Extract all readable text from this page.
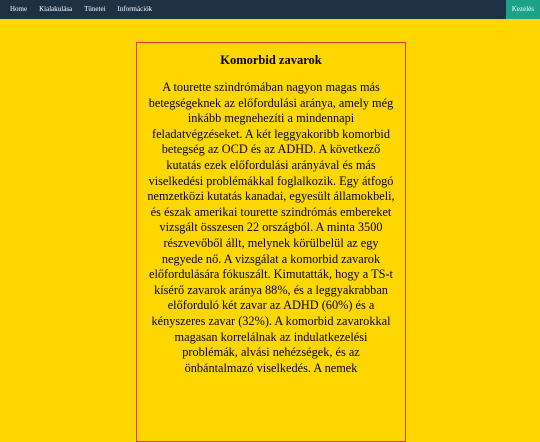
Home	Kialakulása	Tünetei	Információk	Kezelés
Komorbid zavarok

A tourette szindrómában nagyon magas más betegségeknek az előfordulási aránya, amely még inkább megnehezíti a mindennapi feladatvégzéseket. A két leggyakoribb komorbid betegség az OCD és az ADHD. A következő kutatás ezek előfordulási arányával és más viselkedési problémákkal foglalkozik. Egy átfogó nemzetközi kutatás kanadai, egyesült államokbeli, és észak amerikai tourette szindrómás embereket vizsgált összesen 22 országból. A minta 3500 részvevőből állt, melynek körülbelül az egy negyede nő. A vizsgálat a komorbid zavarok előfordulására fókuszált. Kimutatták, hogy a TS-t kísérő zavarok aránya 88%, és a leggyakrabban előforduló két zavar az ADHD (60%) és a kényszeres zavar (32%). A komorbid zavarokkal magasan korrelálnak az indulatkezelési problémák, alvási nehézségek, és az önbántalmazó viselkedés. A nemek
